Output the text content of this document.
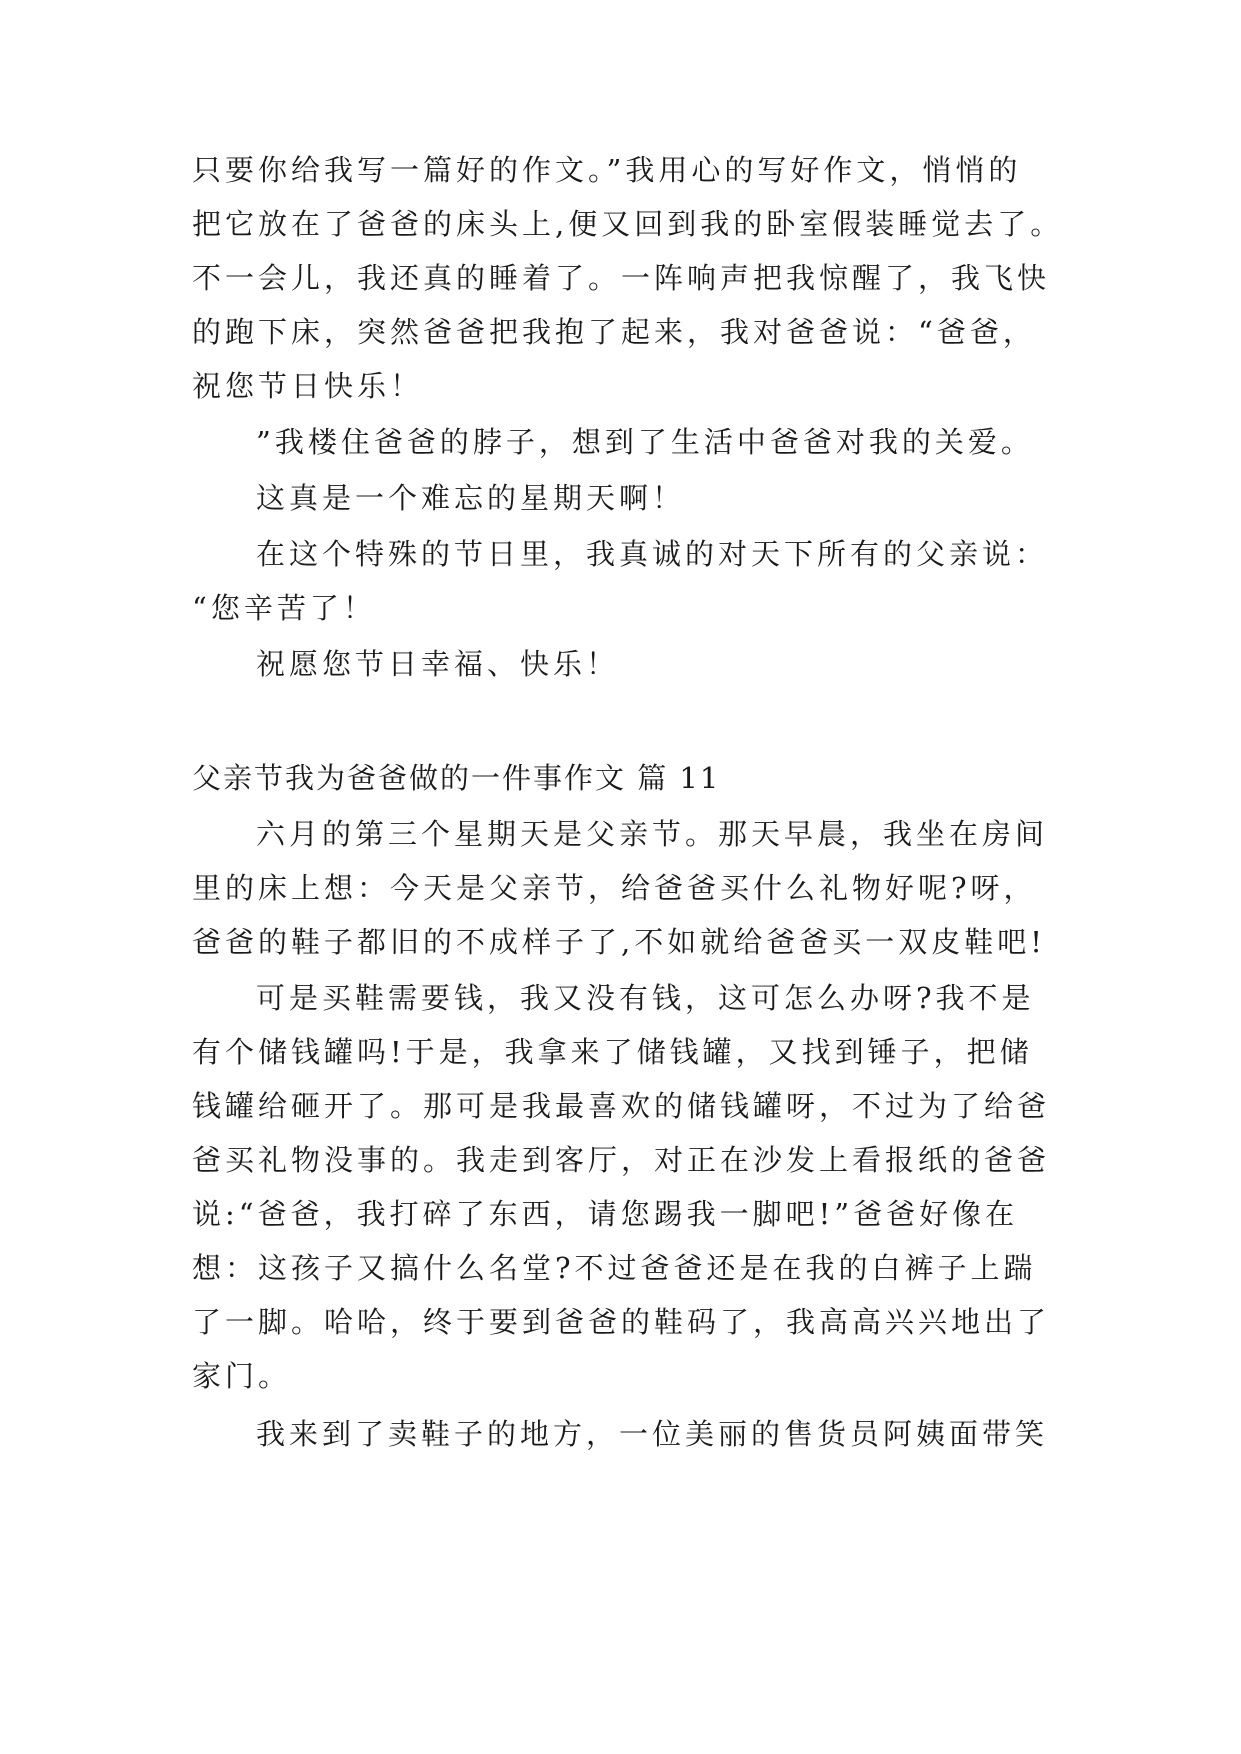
只要你给我写一篇好的作文。”我用心的写好作文，悄悄的
把它放在了爸爸的床头上,便又回到我的卧室假装睡觉去了。
不一会儿，我还真的睡着了。一阵响声把我惊醒了，我飞快
的跑下床，突然爸爸把我抱了起来，我对爸爸说：“爸爸，
祝您节日快乐！
”我楼住爸爸的脖子，想到了生活中爸爸对我的关爱。
这真是一个难忘的星期天啊！
在这个特殊的节日里，我真诚的对天下所有的父亲说：
“您辛苦了！
祝愿您节日幸福、快乐！
父亲节我为爸爸做的一件事作文 篇 11
六月的第三个星期天是父亲节。那天早晨，我坐在房间
里的床上想：今天是父亲节，给爸爸买什么礼物好呢?呀，
爸爸的鞋子都旧的不成样子了,不如就给爸爸买一双皮鞋吧!
可是买鞋需要钱，我又没有钱，这可怎么办呀?我不是
有个储钱罐吗!于是，我拿来了储钱罐，又找到锤子，把储
钱罐给砸开了。那可是我最喜欢的储钱罐呀，不过为了给爸
爸买礼物没事的。我走到客厅，对正在沙发上看报纸的爸爸
说:“爸爸，我打碎了东西，请您踢我一脚吧!”爸爸好像在
想：这孩子又搞什么名堂?不过爸爸还是在我的白裤子上踹
了一脚。哈哈，终于要到爸爸的鞋码了，我高高兴兴地出了
家门。
我来到了卖鞋子的地方，一位美丽的售货员阿姨面带笑
